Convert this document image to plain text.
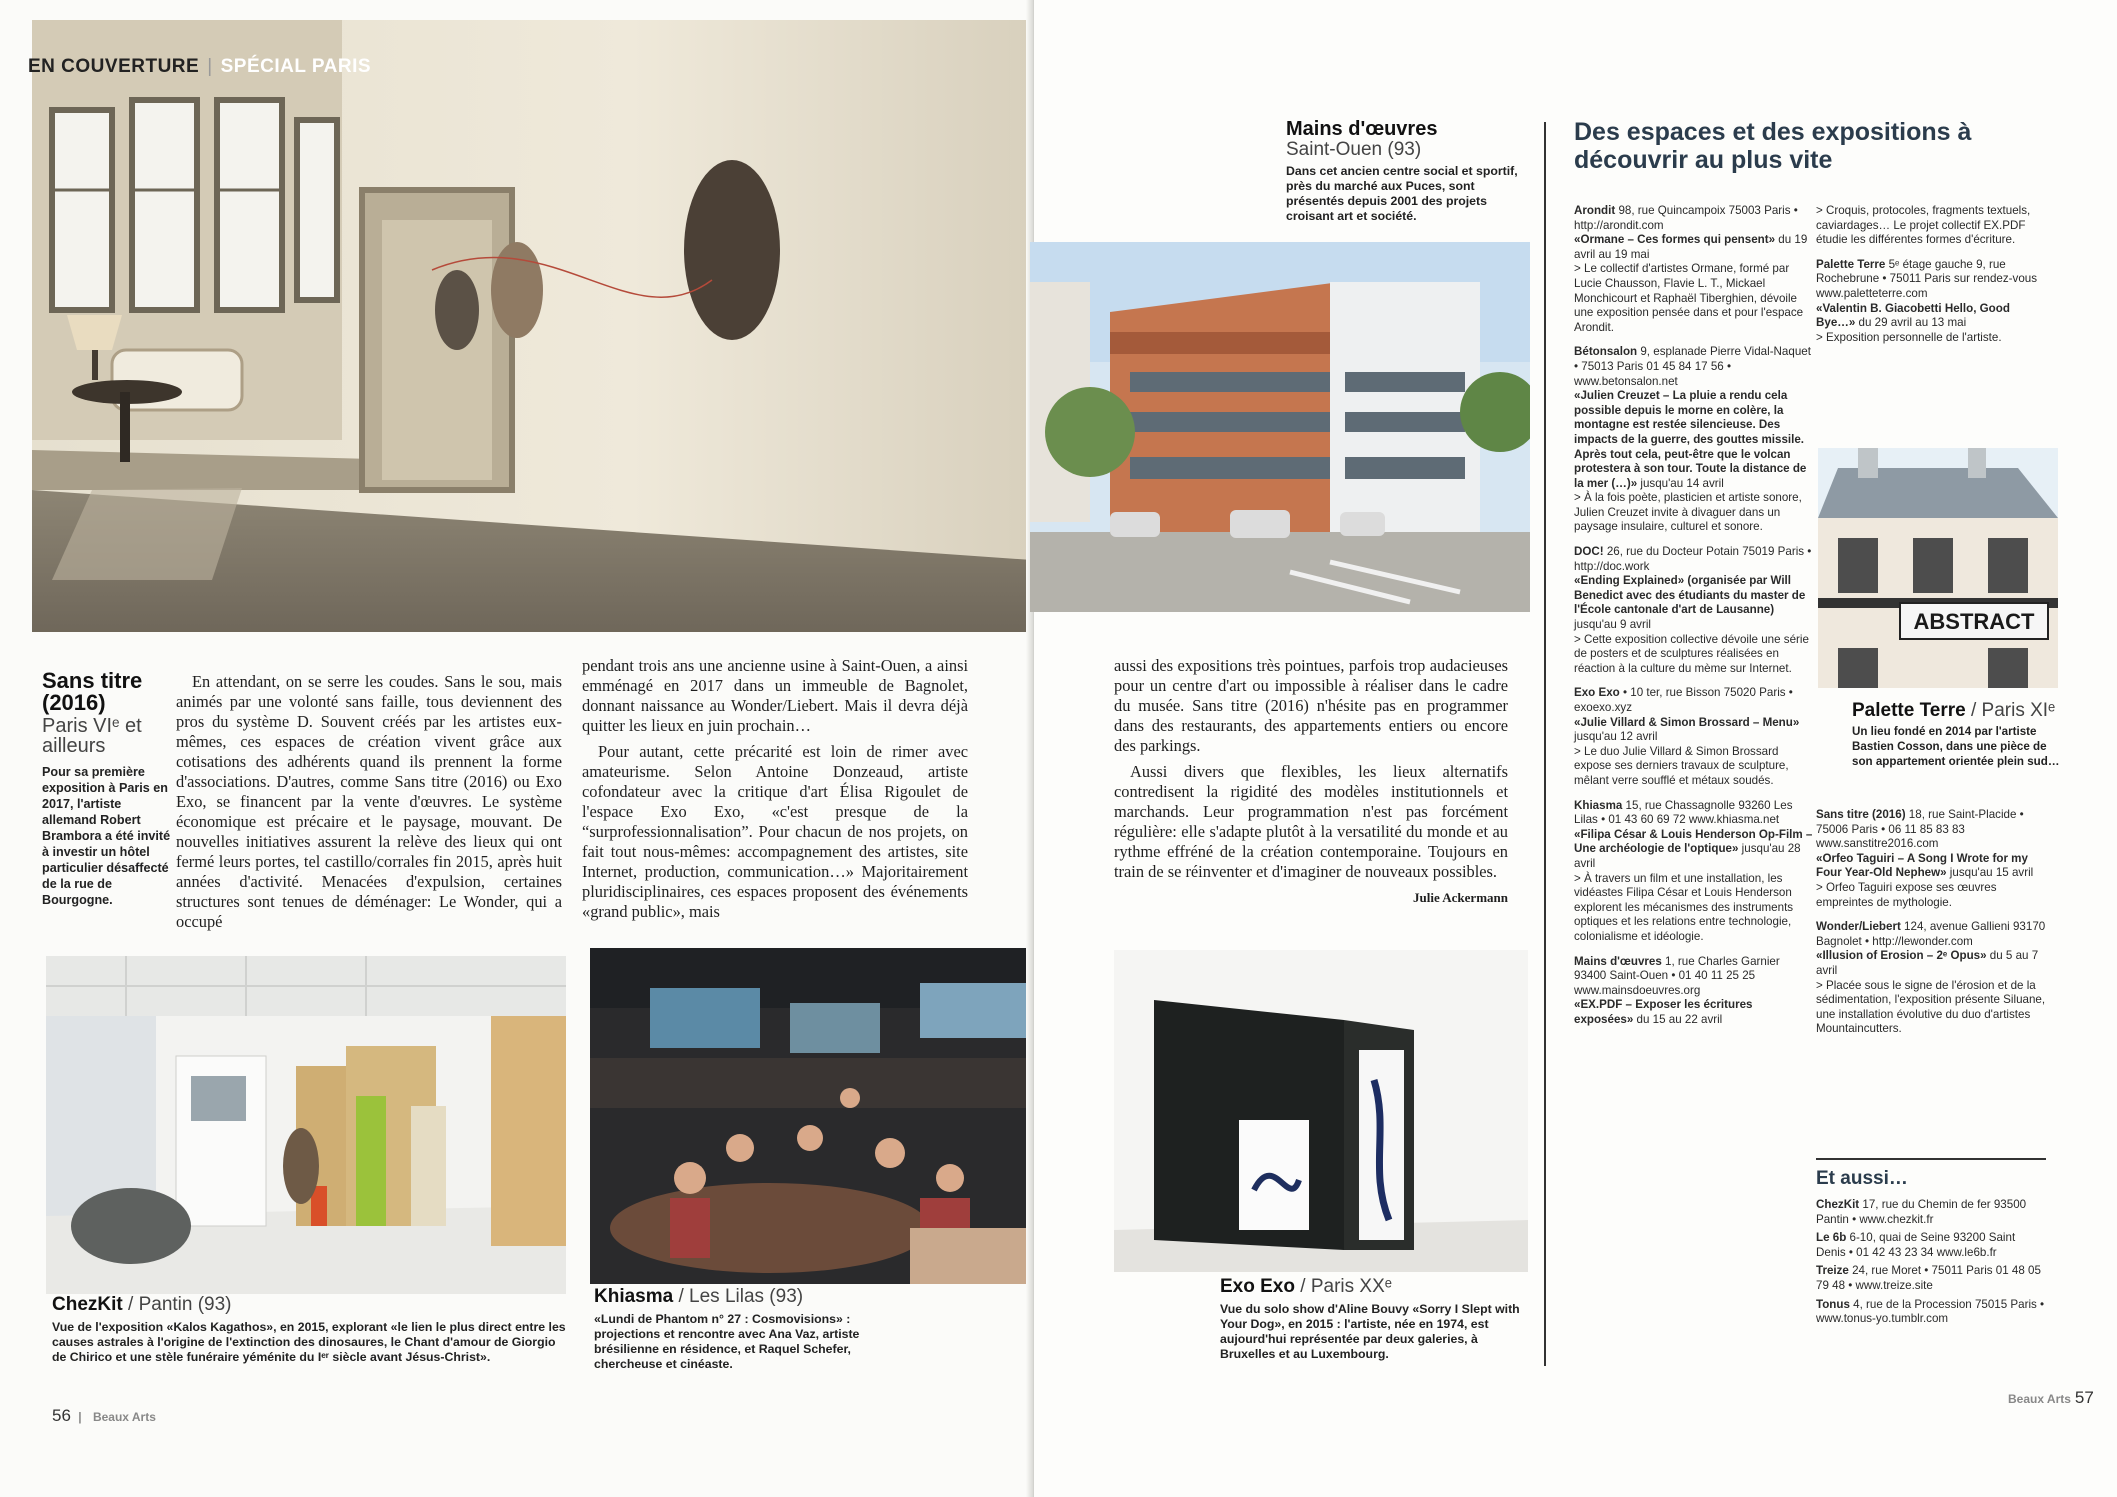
EN COUVERTURE | SPÉCIAL PARIS
Sans titre (2016)
Paris VIᵉ et ailleurs
Pour sa première exposition à Paris en 2017, l'artiste allemand Robert Brambora a été invité à investir un hôtel particulier désaffecté de la rue de Bourgogne.

En attendant, on se serre les coudes. Sans le sou, mais animés par une volonté sans faille, tous deviennent des pros du système D. Souvent créés par les artistes eux-mêmes, ces espaces de création vivent grâce aux cotisations des adhérents quand ils prennent la forme d'associations. D'autres, comme Sans titre (2016) ou Exo Exo, se financent par la vente d'œuvres. Le système économique est précaire et le paysage, mouvant. De nouvelles initiatives assurent la relève des lieux qui ont fermé leurs portes, tel castillo/corrales fin 2015, après huit années d'activité. Menacées d'expulsion, certaines structures sont tenues de déménager: Le Wonder, qui a occupé

pendant trois ans une ancienne usine à Saint-Ouen, a ainsi emménagé en 2017 dans un immeuble de Bagnolet, donnant naissance au Wonder/Liebert. Mais il devra déjà quitter les lieux en juin prochain…

Pour autant, cette précarité est loin de rimer avec amateurisme. Selon Antoine Donzeaud, artiste cofondateur avec la critique d'art Élisa Rigoulet de l'espace Exo Exo, «c'est presque de la “surprofessionnalisation”. Pour chacun de nos projets, on fait tout nous-mêmes: accompagnement des artistes, site Internet, production, communication…» Majoritairement pluridisciplinaires, ces espaces proposent des événements «grand public», mais

ChezKit / Pantin (93)
Vue de l'exposition «Kalos Kagathos», en 2015, explorant «le lien le plus direct entre les causes astrales à l'origine de l'extinction des dinosaures, le Chant d'amour de Giorgio de Chirico et une stèle funéraire yéménite du Iᵉʳ siècle avant Jésus-Christ».
Khiasma / Les Lilas (93)
«Lundi de Phantom n° 27 : Cosmovisions» : projections et rencontre avec Ana Vaz, artiste brésilienne en résidence, et Raquel Schefer, chercheuse et cinéaste.
56 | Beaux Arts
Mains d'œuvres
Saint-Ouen (93)
Dans cet ancien centre social et sportif, près du marché aux Puces, sont présentés depuis 2001 des projets croisant art et société.

aussi des expositions très pointues, parfois trop audacieuses pour un centre d'art ou impossible à réaliser dans le cadre du musée. Sans titre (2016) n'hésite pas en programmer dans des restaurants, des appartements entiers ou encore des parkings.

Aussi divers que flexibles, les lieux alternatifs contredisent la rigidité des modèles institutionnels et marchands. Leur programmation n'est pas forcément régulière: elle s'adapte plutôt à la versatilité du monde et au rythme effréné de la création contemporaine. Toujours en train de se réinventer et d'imaginer de nouveaux possibles.

Julie Ackermann
Exo Exo / Paris XXᵉ
Vue du solo show d'Aline Bouvy «Sorry I Slept with Your Dog», en 2015 : l'artiste, née en 1974, est aujourd'hui représentée par deux galeries, à Bruxelles et au Luxembourg.
Des espaces et des expositions à découvrir au plus vite
Arondit 98, rue Quincampoix 75003 Paris • http://arondit.com
«Ormane – Ces formes qui pensent» du 19 avril au 19 mai
> Le collectif d'artistes Ormane, formé par Lucie Chausson, Flavie L. T., Mickael Monchicourt et Raphaël Tiberghien, dévoile une exposition pensée dans et pour l'espace Arondit.
Bétonsalon 9, esplanade Pierre Vidal-Naquet • 75013 Paris 01 45 84 17 56 • www.betonsalon.net
«Julien Creuzet – La pluie a rendu cela possible depuis le morne en colère, la montagne est restée silencieuse. Des impacts de la guerre, des gouttes missile. Après tout cela, peut-être que le volcan protestera à son tour. Toute la distance de la mer (…)» jusqu'au 14 avril
> À la fois poète, plasticien et artiste sonore, Julien Creuzet invite à divaguer dans un paysage insulaire, culturel et sonore.
DOC! 26, rue du Docteur Potain 75019 Paris • http://doc.work
«Ending Explained» (organisée par Will Benedict avec des étudiants du master de l'École cantonale d'art de Lausanne) jusqu'au 9 avril
> Cette exposition collective dévoile une série de posters et de sculptures réalisées en réaction à la culture du mème sur Internet.
Exo Exo • 10 ter, rue Bisson 75020 Paris • exoexo.xyz
«Julie Villard & Simon Brossard – Menu» jusqu'au 12 avril
> Le duo Julie Villard & Simon Brossard expose ses derniers travaux de sculpture, mêlant verre soufflé et métaux soudés.
Khiasma 15, rue Chassagnolle 93260 Les Lilas • 01 43 60 69 72 www.khiasma.net
«Filipa César & Louis Henderson Op-Film – Une archéologie de l'optique» jusqu'au 28 avril
> À travers un film et une installation, les vidéastes Filipa César et Louis Henderson explorent les mécanismes des instruments optiques et les relations entre technologie, colonialisme et idéologie.
Mains d'œuvres 1, rue Charles Garnier 93400 Saint-Ouen • 01 40 11 25 25 www.mainsdoeuvres.org
«EX.PDF – Exposer les écritures exposées» du 15 au 22 avril
> Croquis, protocoles, fragments textuels, caviardages… Le projet collectif EX.PDF étudie les différentes formes d'écriture.
Palette Terre 5ᵉ étage gauche 9, rue Rochebrune • 75011 Paris sur rendez-vous www.paletteterre.com
«Valentin B. Giacobetti Hello, Good Bye…» du 29 avril au 13 mai
> Exposition personnelle de l'artiste.
ABSTRACT
Palette Terre / Paris XIᵉ
Un lieu fondé en 2014 par l'artiste Bastien Cosson, dans une pièce de son appartement orientée plein sud…
Sans titre (2016) 18, rue Saint-Placide • 75006 Paris • 06 11 85 83 83 www.sanstitre2016.com
«Orfeo Taguiri – A Song I Wrote for my Four Year-Old Nephew» jusqu'au 15 avril
> Orfeo Taguiri expose ses œuvres empreintes de mythologie.
Wonder/Liebert 124, avenue Gallieni 93170 Bagnolet • http://lewonder.com
«Illusion of Erosion – 2ᵉ Opus» du 5 au 7 avril
> Placée sous le signe de l'érosion et de la sédimentation, l'exposition présente Siluane, une installation évolutive du duo d'artistes Mountaincutters.
Et aussi…
ChezKit 17, rue du Chemin de fer 93500 Pantin • www.chezkit.fr
Le 6b 6-10, quai de Seine 93200 Saint Denis • 01 42 43 23 34 www.le6b.fr
Treize 24, rue Moret • 75011 Paris 01 48 05 79 48 • www.treize.site
Tonus 4, rue de la Procession 75015 Paris • www.tonus-yo.tumblr.com
Beaux Arts 57
